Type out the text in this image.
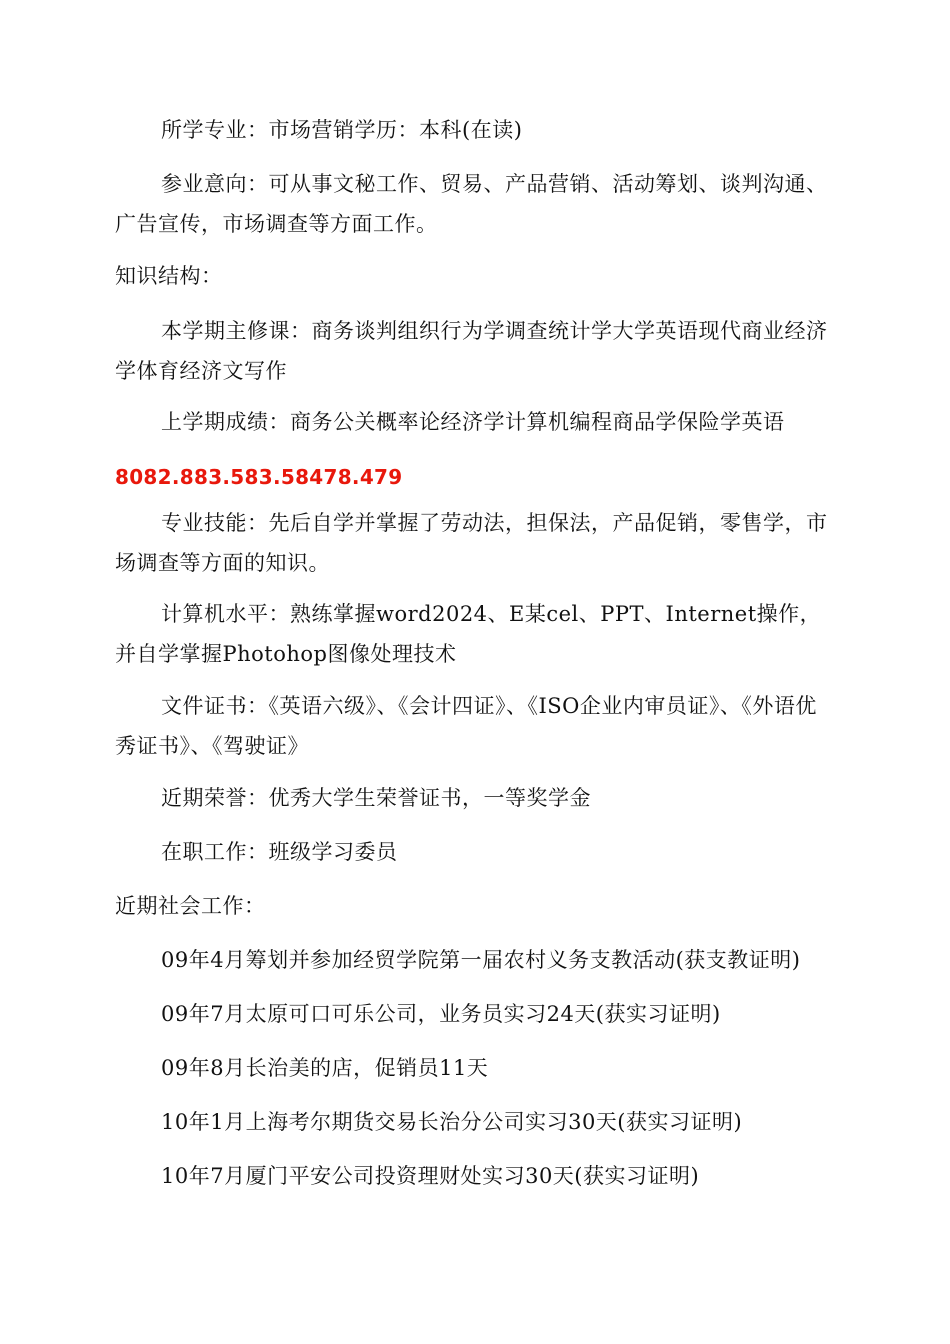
所学专业：市场营销学历：本科(在读)
参业意向：可从事文秘工作、贸易、产品营销、活动筹划、谈判沟通、广告宣传，市场调查等方面工作。
知识结构：
本学期主修课：商务谈判组织行为学调查统计学大学英语现代商业经济学体育经济文写作
上学期成绩：商务公关概率论经济学计算机编程商品学保险学英语
8082.883.583.58478.479
专业技能：先后自学并掌握了劳动法，担保法，产品促销，零售学，市场调查等方面的知识。
计算机水平：熟练掌握word2024、E某cel、PPT、Internet操作，并自学掌握Photohop图像处理技术
文件证书：《英语六级》、《会计四证》、《ISO企业内审员证》、《外语优秀证书》、《驾驶证》
近期荣誉：优秀大学生荣誉证书，一等奖学金
在职工作：班级学习委员
近期社会工作：
09年4月筹划并参加经贸学院第一届农村义务支教活动(获支教证明)
09年7月太原可口可乐公司，业务员实习24天(获实习证明)
09年8月长治美的店，促销员11天
10年1月上海考尔期货交易长治分公司实习30天(获实习证明)
10年7月厦门平安公司投资理财处实习30天(获实习证明)
